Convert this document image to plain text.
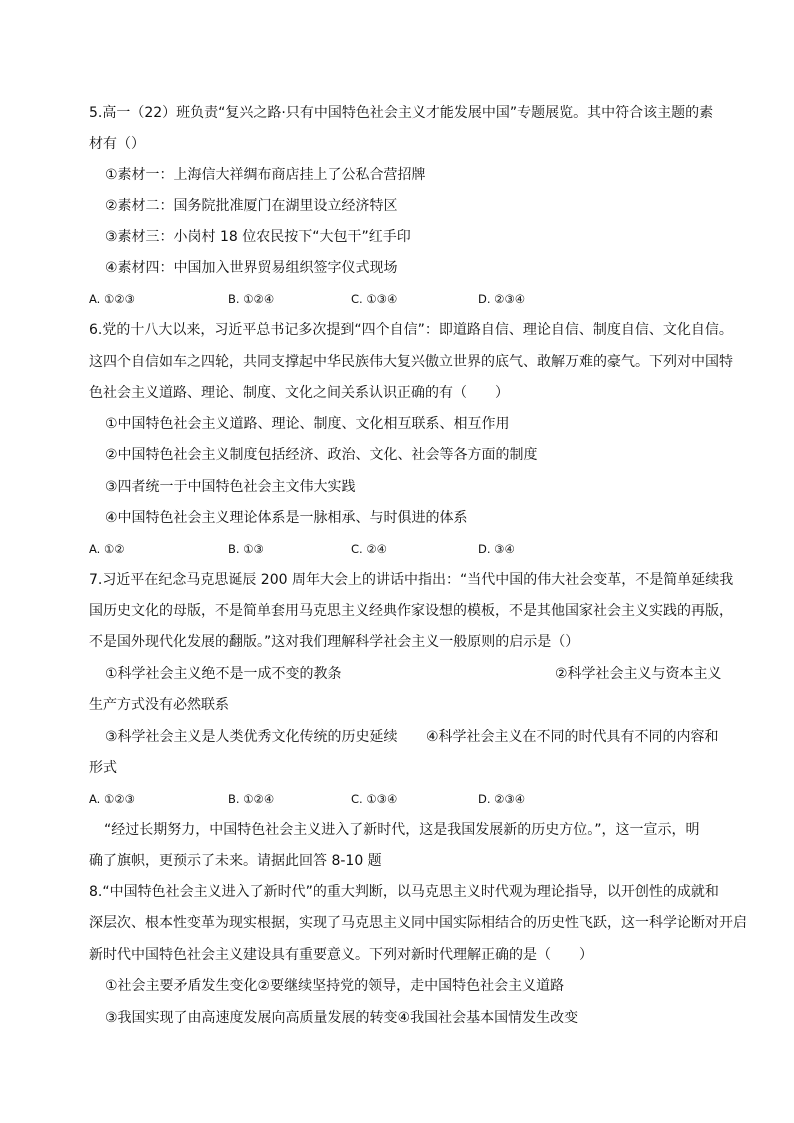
5.高一（22）班负责“复兴之路·只有中国特色社会主义才能发展中国”专题展览。其中符合该主题的素
材有（）
①素材一：上海信大祥绸布商店挂上了公私合营招牌
②素材二：国务院批准厦门在湖里设立经济特区
③素材三：小岗村 18 位农民按下“大包干”红手印
④素材四：中国加入世界贸易组织签字仪式现场
A. ①②③	B. ①②④	C. ①③④	D. ②③④
6.党的十八大以来，习近平总书记多次提到“四个自信”：即道路自信、理论自信、制度自信、文化自信。
这四个自信如车之四轮，共同支撑起中华民族伟大复兴傲立世界的底气、敢解万难的豪气。下列对中国特
色社会主义道路、理论、制度、文化之间关系认识正确的有（　　）
①中国特色社会主义道路、理论、制度、文化相互联系、相互作用
②中国特色社会主义制度包括经济、政治、文化、社会等各方面的制度
③四者统一于中国特色社会主文伟大实践
④中国特色社会主义理论体系是一脉相承、与时俱进的体系
A. ①②	B. ①③	C. ②④	D. ③④
7.习近平在纪念马克思诞辰 200 周年大会上的讲话中指出：“当代中国的伟大社会变革，不是简单延续我
国历史文化的母版，不是简单套用马克思主义经典作家设想的模板，不是其他国家社会主义实践的再版，
不是国外现代化发展的翻版。”这对我们理解科学社会主义一般原则的启示是（）
①科学社会主义绝不是一成不变的教条	②科学社会主义与资本主义
生产方式没有必然联系
③科学社会主义是人类优秀文化传统的历史延续 ④科学社会主义在不同的时代具有不同的内容和
形式
A. ①②③	B. ①②④	C. ①③④	D. ②③④
“经过长期努力，中国特色社会主义进入了新时代，这是我国发展新的历史方位。”，这一宣示，明
确了旗帜，更预示了未来。请据此回答 8-10 题
8.“中国特色社会主义进入了新时代”的重大判断，以马克思主义时代观为理论指导，以开创性的成就和
深层次、根本性变革为现实根据，实现了马克思主义同中国实际相结合的历史性飞跃，这一科学论断对开启
新时代中国特色社会主义建设具有重要意义。下列对新时代理解正确的是（　　）
①社会主要矛盾发生变化②要继续坚持党的领导，走中国特色社会主义道路
③我国实现了由高速度发展向高质量发展的转变④我国社会基本国情发生改变
